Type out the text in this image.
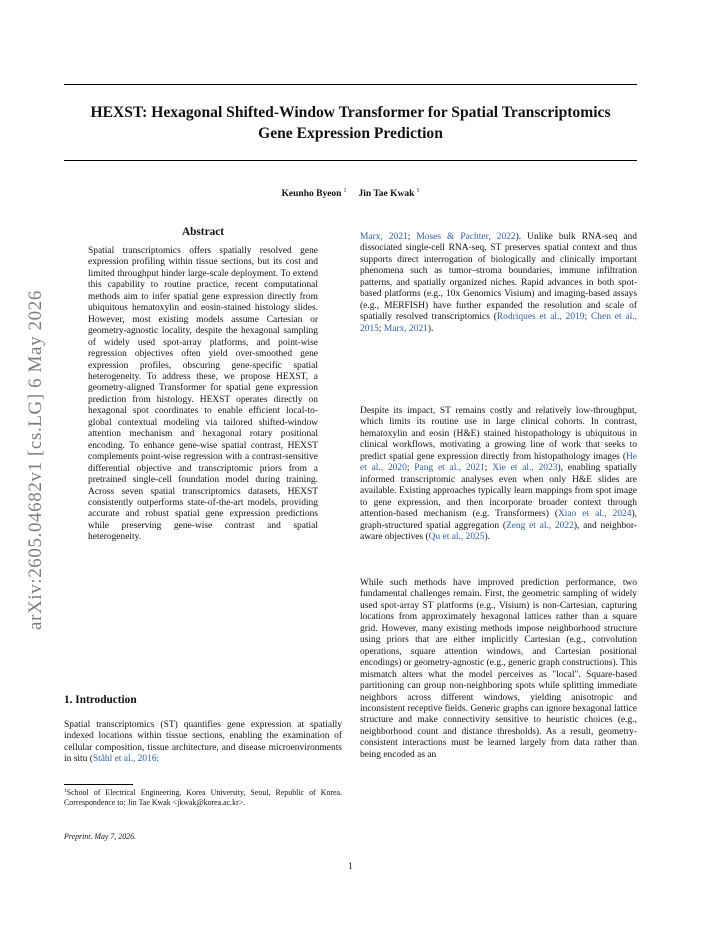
arXiv:2605.04682v1 [cs.LG] 6 May 2026
HEXST: Hexagonal Shifted-Window Transformer for Spatial Transcriptomics
Gene Expression Prediction
Keunho Byeon $^1$ Jin Tae Kwak $^1$
Abstract
Spatial transcriptomics offers spatially resolved gene expression profiling within tissue sections, but its cost and limited throughput hinder large-scale deployment. To extend this capability to routine practice, recent computational methods aim to infer spatial gene expression directly from ubiquitous hematoxylin and eosin-stained histology slides. However, most existing models assume Cartesian or geometry-agnostic locality, despite the hexagonal sampling of widely used spot-array platforms, and point-wise regression objectives often yield over-smoothed gene expression profiles, obscuring gene-specific spatial heterogeneity. To address these, we propose HEXST, a geometry-aligned Transformer for spatial gene expression prediction from histology. HEXST operates directly on hexagonal spot coordinates to enable efficient local-to-global contextual modeling via tailored shifted-window attention mechanism and hexagonal rotary positional encoding. To enhance gene-wise spatial contrast, HEXST complements point-wise regression with a contrast-sensitive differential objective and transcriptomic priors from a pretrained single-cell foundation model during training. Across seven spatial transcriptomics datasets, HEXST consistently outperforms state-of-the-art models, providing accurate and robust spatial gene expression predictions while preserving gene-wise contrast and spatial heterogeneity.
1. Introduction
Spatial transcriptomics (ST) quantifies gene expression at spatially indexed locations within tissue sections, enabling the examination of cellular composition, tissue architecture, and disease microenvironments in situ (Ståhl et al., 2016;
$^1$School of Electrical Engineering, Korea University, Seoul, Republic of Korea. Correspondence to: Jin Tae Kwak <jkwak@korea.ac.kr>.
Preprint. May 7, 2026.
Marx, 2021; Moses & Pachter, 2022). Unlike bulk RNA-seq and dissociated single-cell RNA-seq, ST preserves spatial context and thus supports direct interrogation of biologically and clinically important phenomena such as tumor–stroma boundaries, immune infiltration patterns, and spatially organized niches. Rapid advances in both spot-based platforms (e.g., 10x Genomics Visium) and imaging-based assays (e.g., MERFISH) have further expanded the resolution and scale of spatially resolved transcriptomics (Rodriques et al., 2019; Chen et al., 2015; Marx, 2021).
Despite its impact, ST remains costly and relatively low-throughput, which limits its routine use in large clinical cohorts. In contrast, hematoxylin and eosin (H&E) stained histopathology is ubiquitous in clinical workflows, motivating a growing line of work that seeks to predict spatial gene expression directly from histopathology images (He et al., 2020; Pang et al., 2021; Xie et al., 2023), enabling spatially informed transcriptomic analyses even when only H&E slides are available. Existing approaches typically learn mappings from spot image to gene expression, and then incorporate broader context through attention-based mechanism (e.g. Transformers) (Xiao et al., 2024), graph-structured spatial aggregation (Zeng et al., 2022), and neighbor-aware objectives (Qu et al., 2025).
While such methods have improved prediction performance, two fundamental challenges remain. First, the geometric sampling of widely used spot-array ST platforms (e.g., Visium) is non-Cartesian, capturing locations from approximately hexagonal lattices rather than a square grid. However, many existing methods impose neighborhood structure using priors that are either implicitly Cartesian (e.g., convolution operations, square attention windows, and Cartesian positional encodings) or geometry-agnostic (e.g., generic graph constructions). This mismatch alters what the model perceives as "local". Square-based partitioning can group non-neighboring spots while splitting immediate neighbors across different windows, yielding anisotropic and inconsistent receptive fields. Generic graphs can ignore hexagonal lattice structure and make connectivity sensitive to heuristic choices (e.g., neighborhood count and distance thresholds). As a result, geometry-consistent interactions must be learned largely from data rather than being encoded as an
1
